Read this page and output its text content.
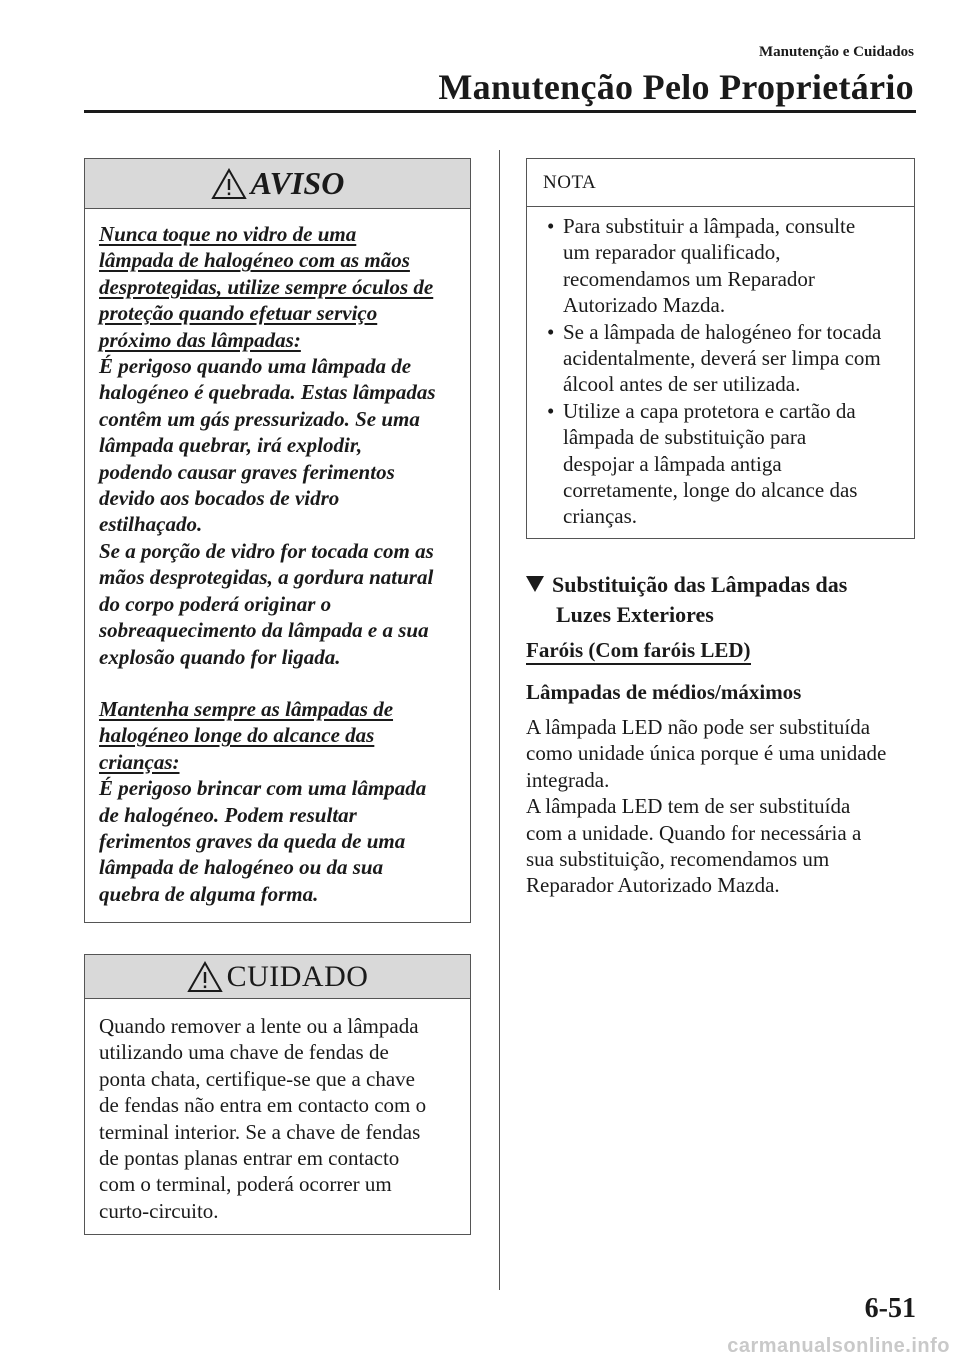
Manutenção e Cuidados
Manutenção Pelo Proprietário
AVISO
Nunca toque no vidro de uma
lâmpada de halogéneo com as mãos
desprotegidas, utilize sempre óculos de
proteção quando efetuar serviço
próximo das lâmpadas:
É perigoso quando uma lâmpada de
halogéneo é quebrada. Estas lâmpadas
contêm um gás pressurizado. Se uma
lâmpada quebrar, irá explodir,
podendo causar graves ferimentos
devido aos bocados de vidro
estilhaçado.
Se a porção de vidro for tocada com as
mãos desprotegidas, a gordura natural
do corpo poderá originar o
sobreaquecimento da lâmpada e a sua
explosão quando for ligada.
Mantenha sempre as lâmpadas de
halogéneo longe do alcance das
crianças:
É perigoso brincar com uma lâmpada
de halogéneo. Podem resultar
ferimentos graves da queda de uma
lâmpada de halogéneo ou da sua
quebra de alguma forma.
CUIDADO
Quando remover a lente ou a lâmpada
utilizando uma chave de fendas de
ponta chata, certifique-se que a chave
de fendas não entra em contacto com o
terminal interior. Se a chave de fendas
de pontas planas entrar em contacto
com o terminal, poderá ocorrer um
curto-circuito.
NOTA
• Para substituir a lâmpada, consulte
um reparador qualificado,
recomendamos um Reparador
Autorizado Mazda.
• Se a lâmpada de halogéneo for tocada
acidentalmente, deverá ser limpa com
álcool antes de ser utilizada.
• Utilize a capa protetora e cartão da
lâmpada de substituição para
despojar a lâmpada antiga
corretamente, longe do alcance das
crianças.
Substituição das Lâmpadas das
Luzes Exteriores
Faróis (Com faróis LED)
Lâmpadas de médios/máximos
A lâmpada LED não pode ser substituída
como unidade única porque é uma unidade
integrada.
A lâmpada LED tem de ser substituída
com a unidade. Quando for necessária a
sua substituição, recomendamos um
Reparador Autorizado Mazda.
6-51
carmanualsonline.info
